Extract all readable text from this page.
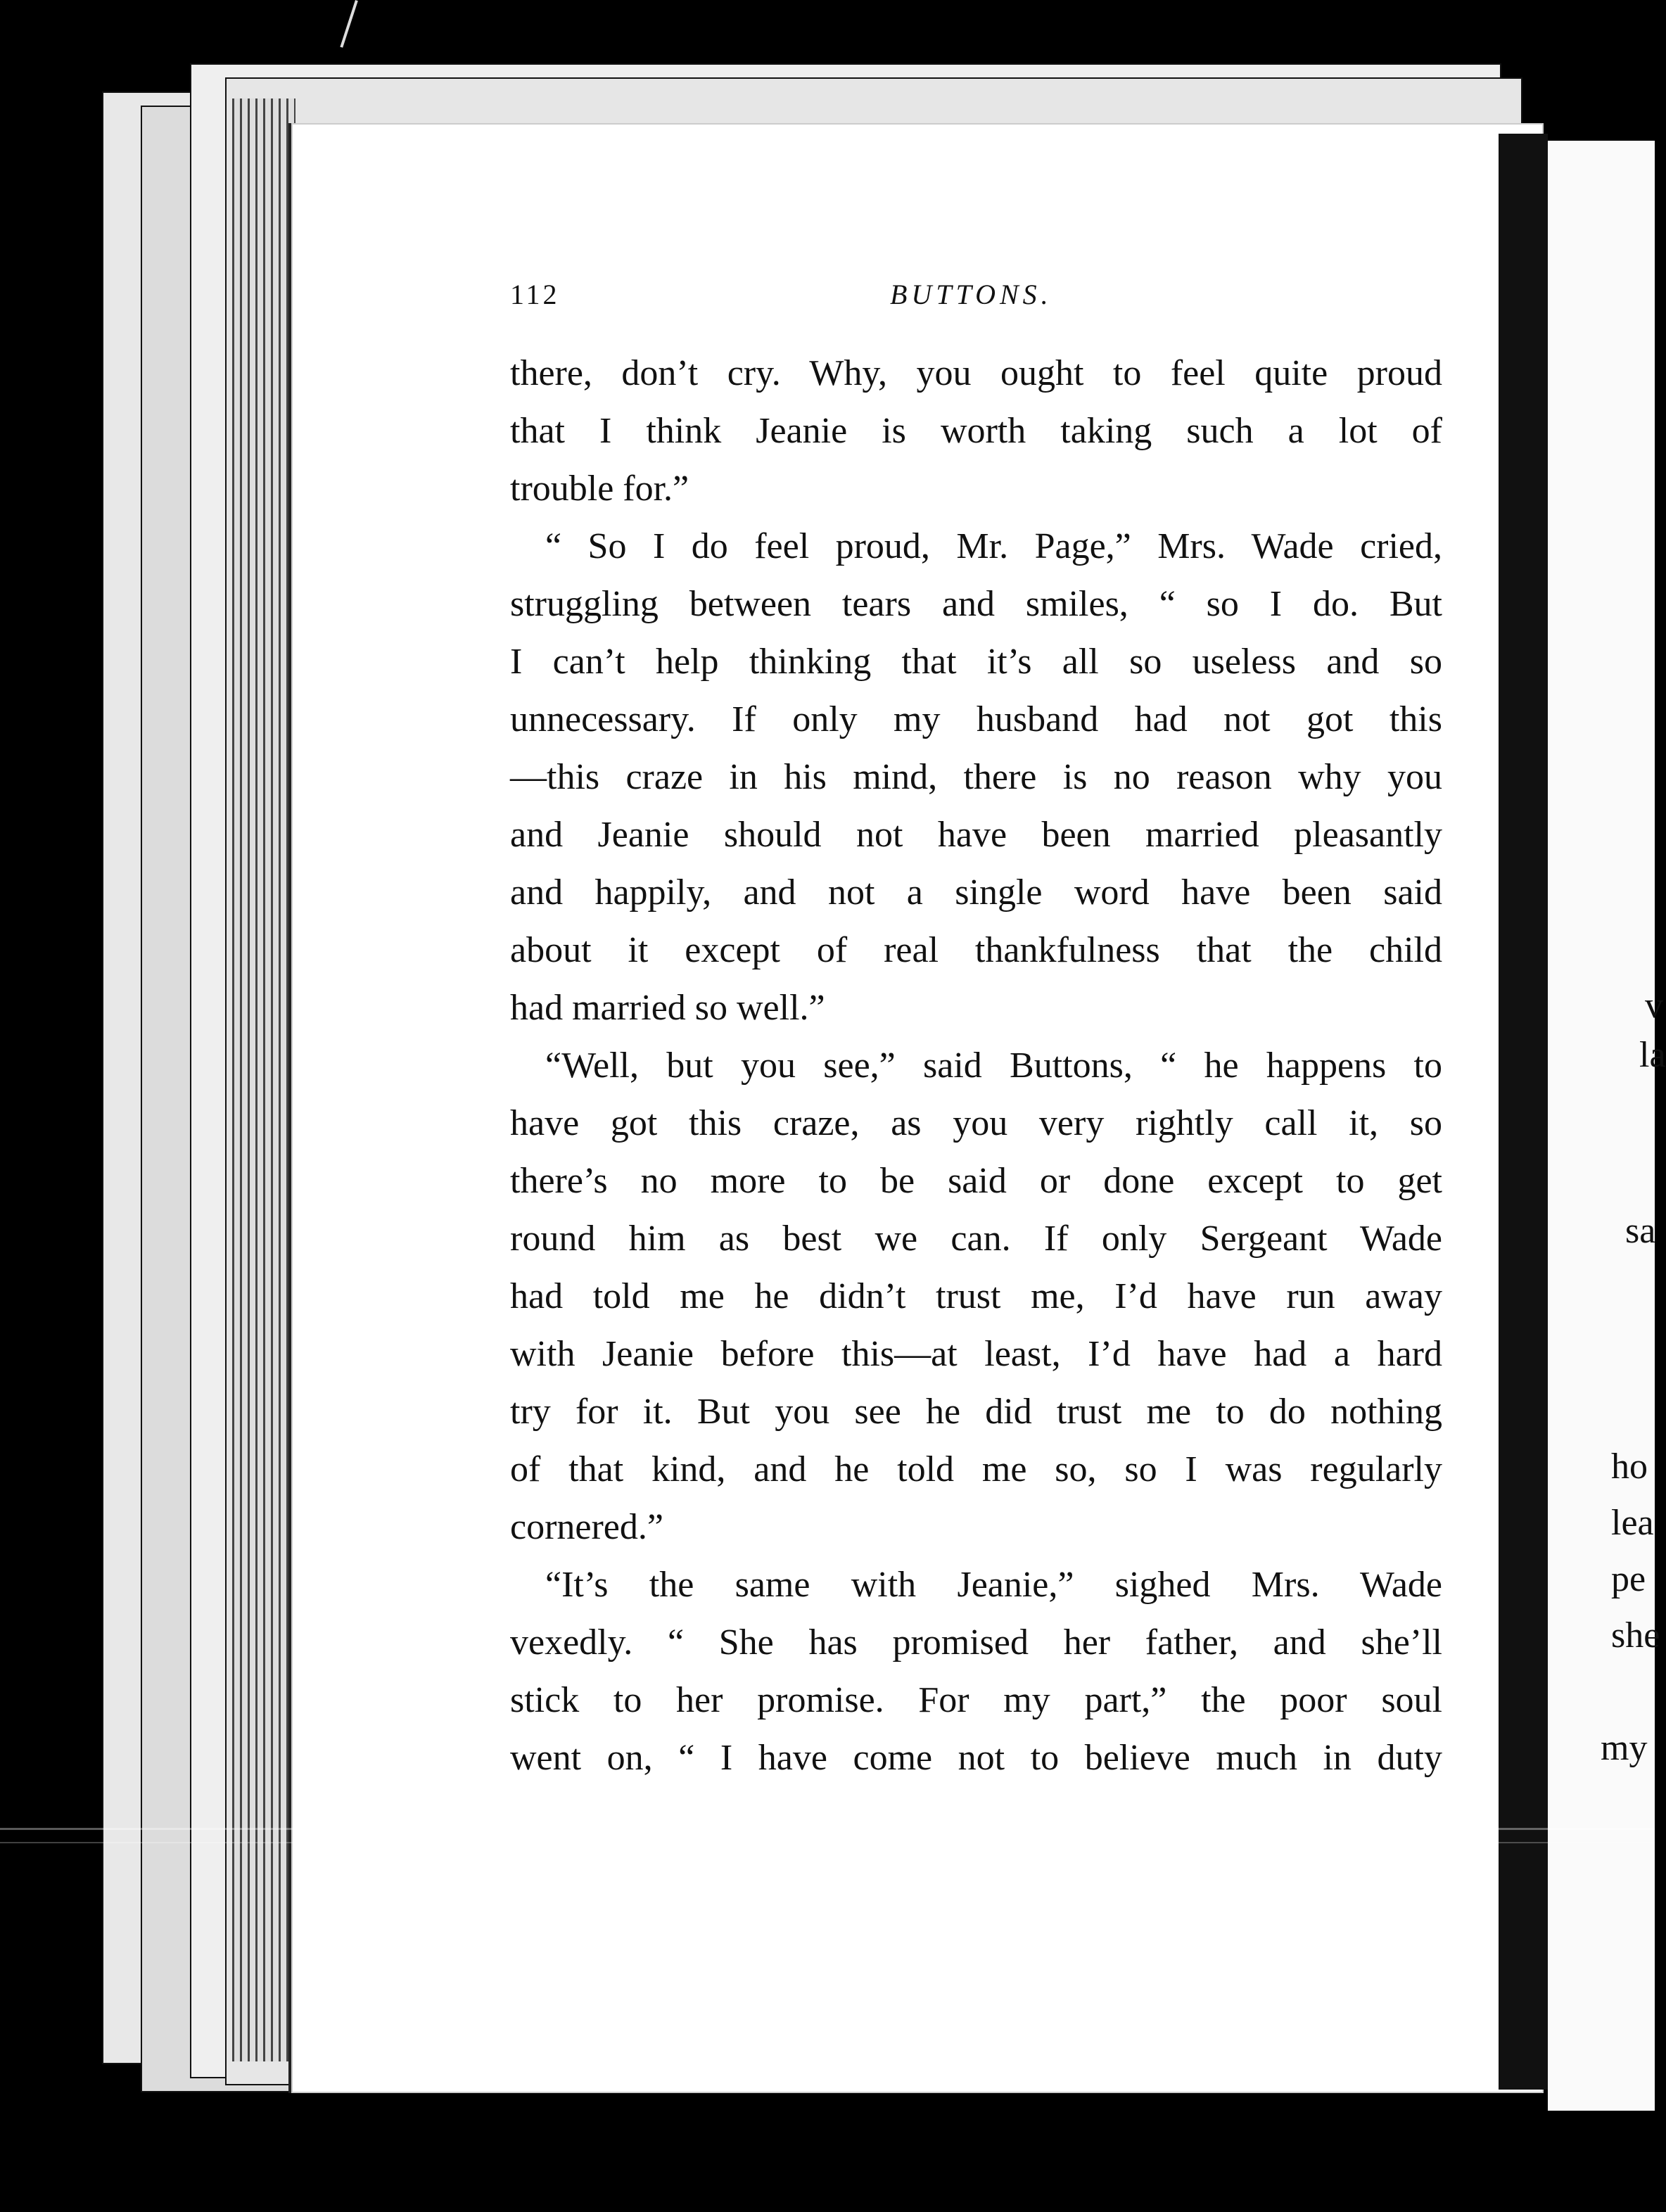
v
la
sa
ho
lea
pe
she
my
112	BUTTONS.
there, don’t cry. Why, you ought to feel quite proud
that I think Jeanie is worth taking such a lot of
trouble for.”
“ So I do feel proud, Mr. Page,” Mrs. Wade cried,
struggling between tears and smiles, “ so I do. But
I can’t help thinking that it’s all so useless and so
unnecessary. If only my husband had not got this
—this craze in his mind, there is no reason why you
and Jeanie should not have been married pleasantly
and happily, and not a single word have been said
about it except of real thankfulness that the child
had married so well.”
“Well, but you see,” said Buttons, “ he happens to
have got this craze, as you very rightly call it, so
there’s no more to be said or done except to get
round him as best we can. If only Sergeant Wade
had told me he didn’t trust me, I’d have run away
with Jeanie before this—at least, I’d have had a hard
try for it. But you see he did trust me to do nothing
of that kind, and he told me so, so I was regularly
cornered.”
“It’s the same with Jeanie,” sighed Mrs. Wade
vexedly. “ She has promised her father, and she’ll
stick to her promise. For my part,” the poor soul
went on, “ I have come not to believe much in duty
